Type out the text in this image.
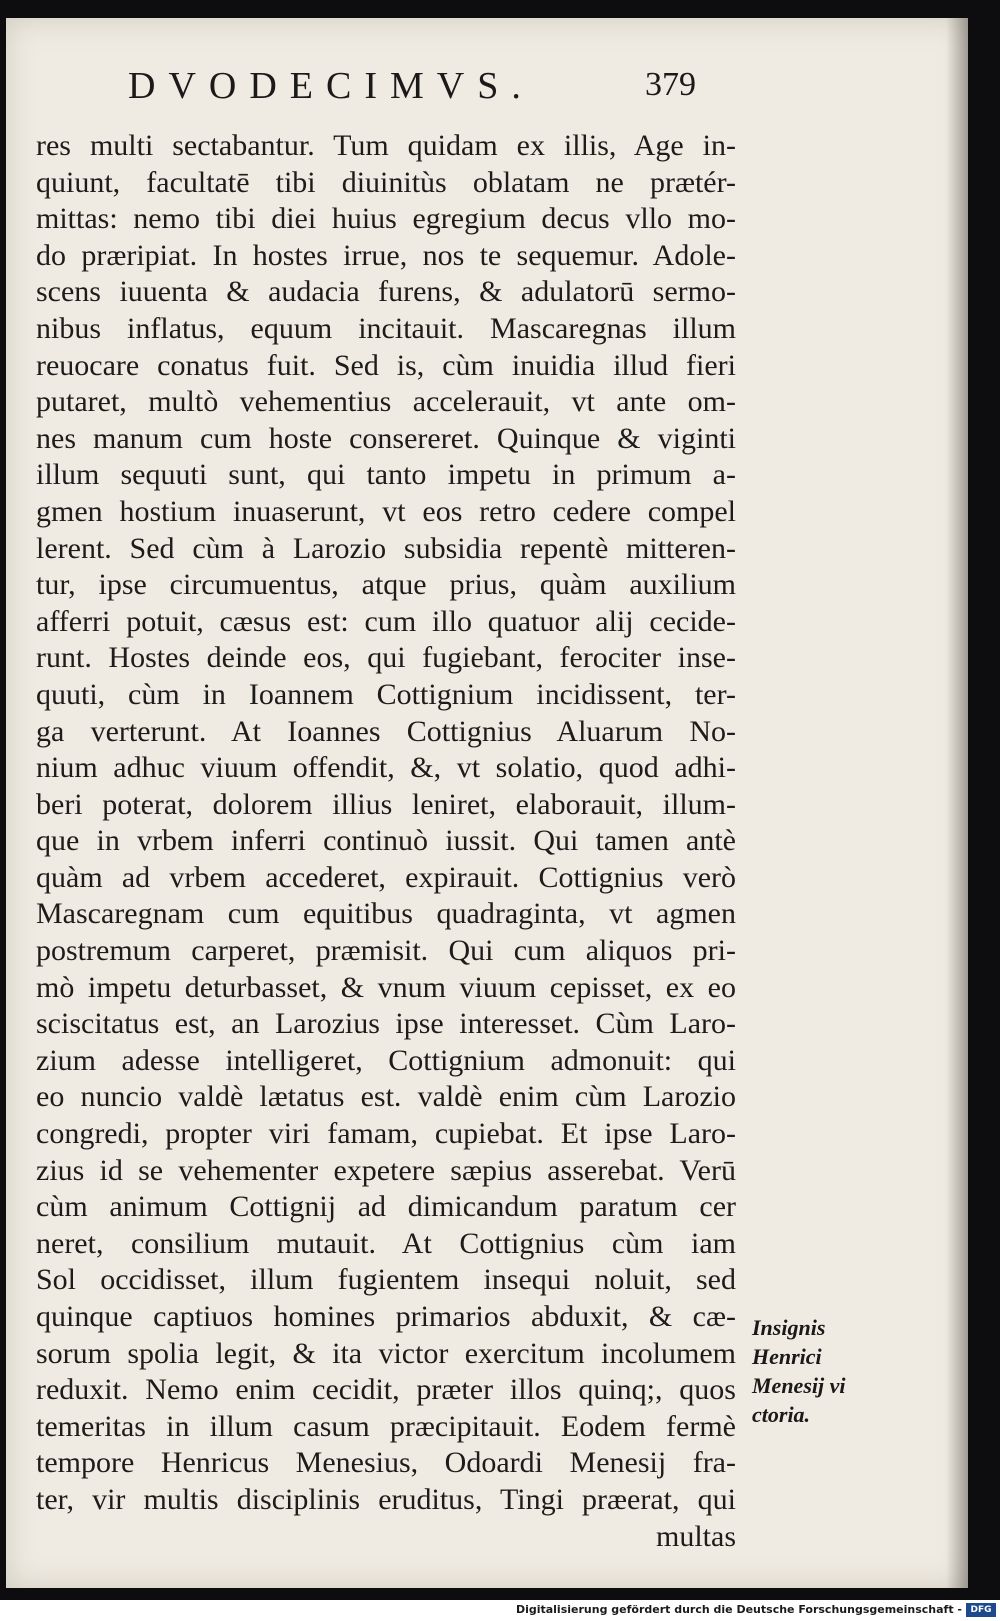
DVODECIMVS.	379
res multi sectabantur. Tum quidam ex illis, Age in-
quiunt, facultatē tibi diuinitùs oblatam ne prætér-
mittas: nemo tibi diei huius egregium decus vllo mo-
do præripiat. In hostes irrue, nos te sequemur. Adole-
scens iuuenta & audacia furens, & adulatorū sermo-
nibus inflatus, equum incitauit. Mascaregnas illum
reuocare conatus fuit. Sed is, cùm inuidia illud fieri
putaret, multò vehementius accelerauit, vt ante om-
nes manum cum hoste consereret. Quinque & viginti
illum sequuti sunt, qui tanto impetu in primum a-
gmen hostium inuaserunt, vt eos retro cedere compel
lerent. Sed cùm à Larozio subsidia repentè mitteren-
tur, ipse circumuentus, atque prius, quàm auxilium
afferri potuit, cæsus est: cum illo quatuor alij cecide-
runt. Hostes deinde eos, qui fugiebant, ferociter inse-
quuti, cùm in Ioannem Cottignium incidissent, ter-
ga verterunt. At Ioannes Cottignius Aluarum No-
nium adhuc viuum offendit, &, vt solatio, quod adhi-
beri poterat, dolorem illius leniret, elaborauit, illum-
que in vrbem inferri continuò iussit. Qui tamen antè
quàm ad vrbem accederet, expirauit. Cottignius verò
Mascaregnam cum equitibus quadraginta, vt agmen
postremum carperet, præmisit. Qui cum aliquos pri-
mò impetu deturbasset, & vnum viuum cepisset, ex eo
sciscitatus est, an Larozius ipse interesset. Cùm Laro-
zium adesse intelligeret, Cottignium admonuit: qui
eo nuncio valdè lætatus est. valdè enim cùm Larozio
congredi, propter viri famam, cupiebat. Et ipse Laro-
zius id se vehementer expetere sæpius asserebat. Verū
cùm animum Cottignij ad dimicandum paratum cer
neret, consilium mutauit. At Cottignius cùm iam
Sol occidisset, illum fugientem insequi noluit, sed
quinque captiuos homines primarios abduxit, & cæ-
sorum spolia legit, & ita victor exercitum incolumem
reduxit. Nemo enim cecidit, præter illos quinq;, quos
temeritas in illum casum præcipitauit. Eodem fermè
tempore Henricus Menesius, Odoardi Menesij fra-
ter, vir multis disciplinis eruditus, Tingi præerat, qui
multas
Insignis
Henrici
Menesij vi
ctoria.
Digitalisierung gefördert durch die Deutsche Forschungsgemeinschaft - DFG
